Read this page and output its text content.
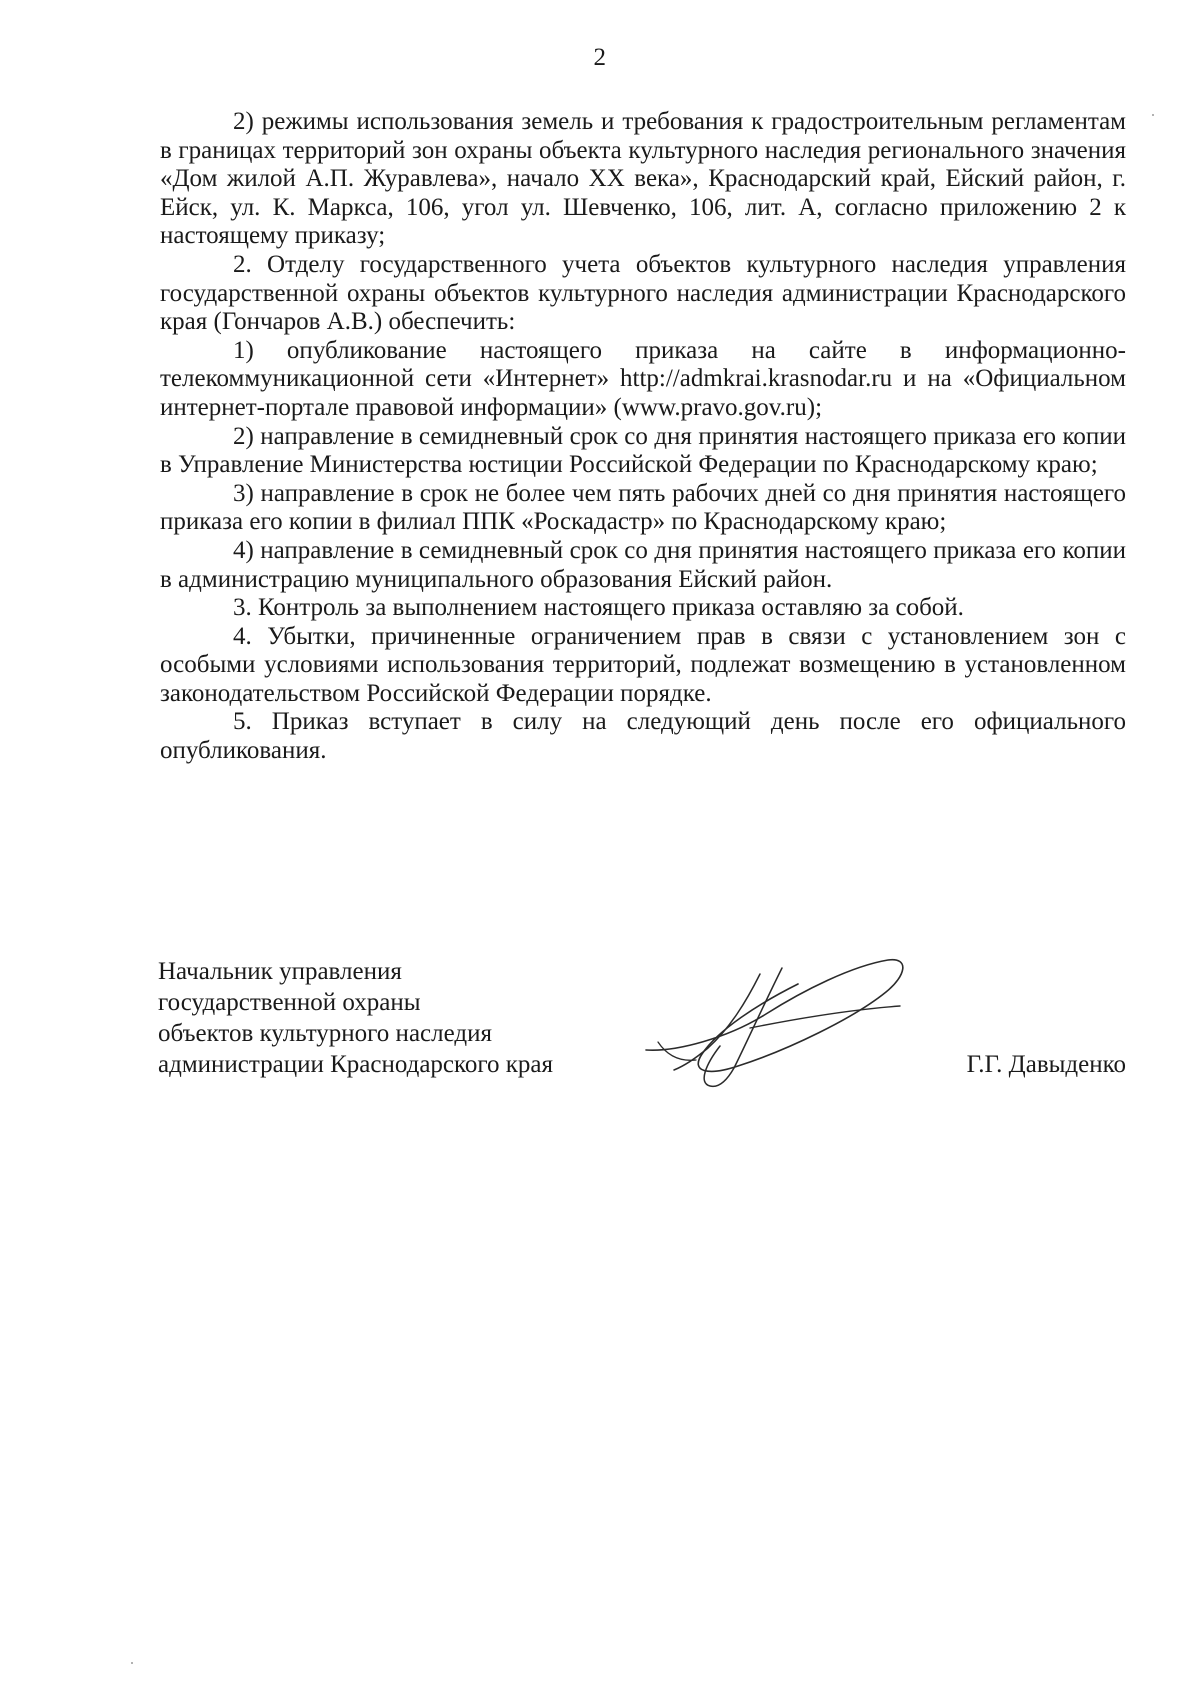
2

2) режимы использования земель и требования к градостроительным регламентам в границах территорий зон охраны объекта культурного наследия регионального значения «Дом жилой А.П. Журавлева», начало XX века», Краснодарский край, Ейский район, г. Ейск, ул. К. Маркса, 106, угол ул. Шевченко, 106, лит. А, согласно приложению 2 к настоящему приказу;

2. Отделу государственного учета объектов культурного наследия управления государственной охраны объектов культурного наследия администрации Краснодарского края (Гончаров А.В.) обеспечить:

1) опубликование настоящего приказа на сайте в информационно-телекоммуникационной сети «Интернет» http://admkrai.krasnodar.ru и на «Официальном интернет-портале правовой информации» (www.pravo.gov.ru);

2) направление в семидневный срок со дня принятия настоящего приказа его копии в Управление Министерства юстиции Российской Федерации по Краснодарскому краю;

3) направление в срок не более чем пять рабочих дней со дня принятия настоящего приказа его копии в филиал ППК «Роскадастр» по Краснодарскому краю;

4) направление в семидневный срок со дня принятия настоящего приказа его копии в администрацию муниципального образования Ейский район.

3. Контроль за выполнением настоящего приказа оставляю за собой.

4. Убытки, причиненные ограничением прав в связи с установлением зон с особыми условиями использования территорий, подлежат возмещению в установленном законодательством Российской Федерации порядке.

5. Приказ вступает в силу на следующий день после его официального опубликования.

Начальник управления
государственной охраны
объектов культурного наследия
администрации Краснодарского края	Г.Г. Давыденко
